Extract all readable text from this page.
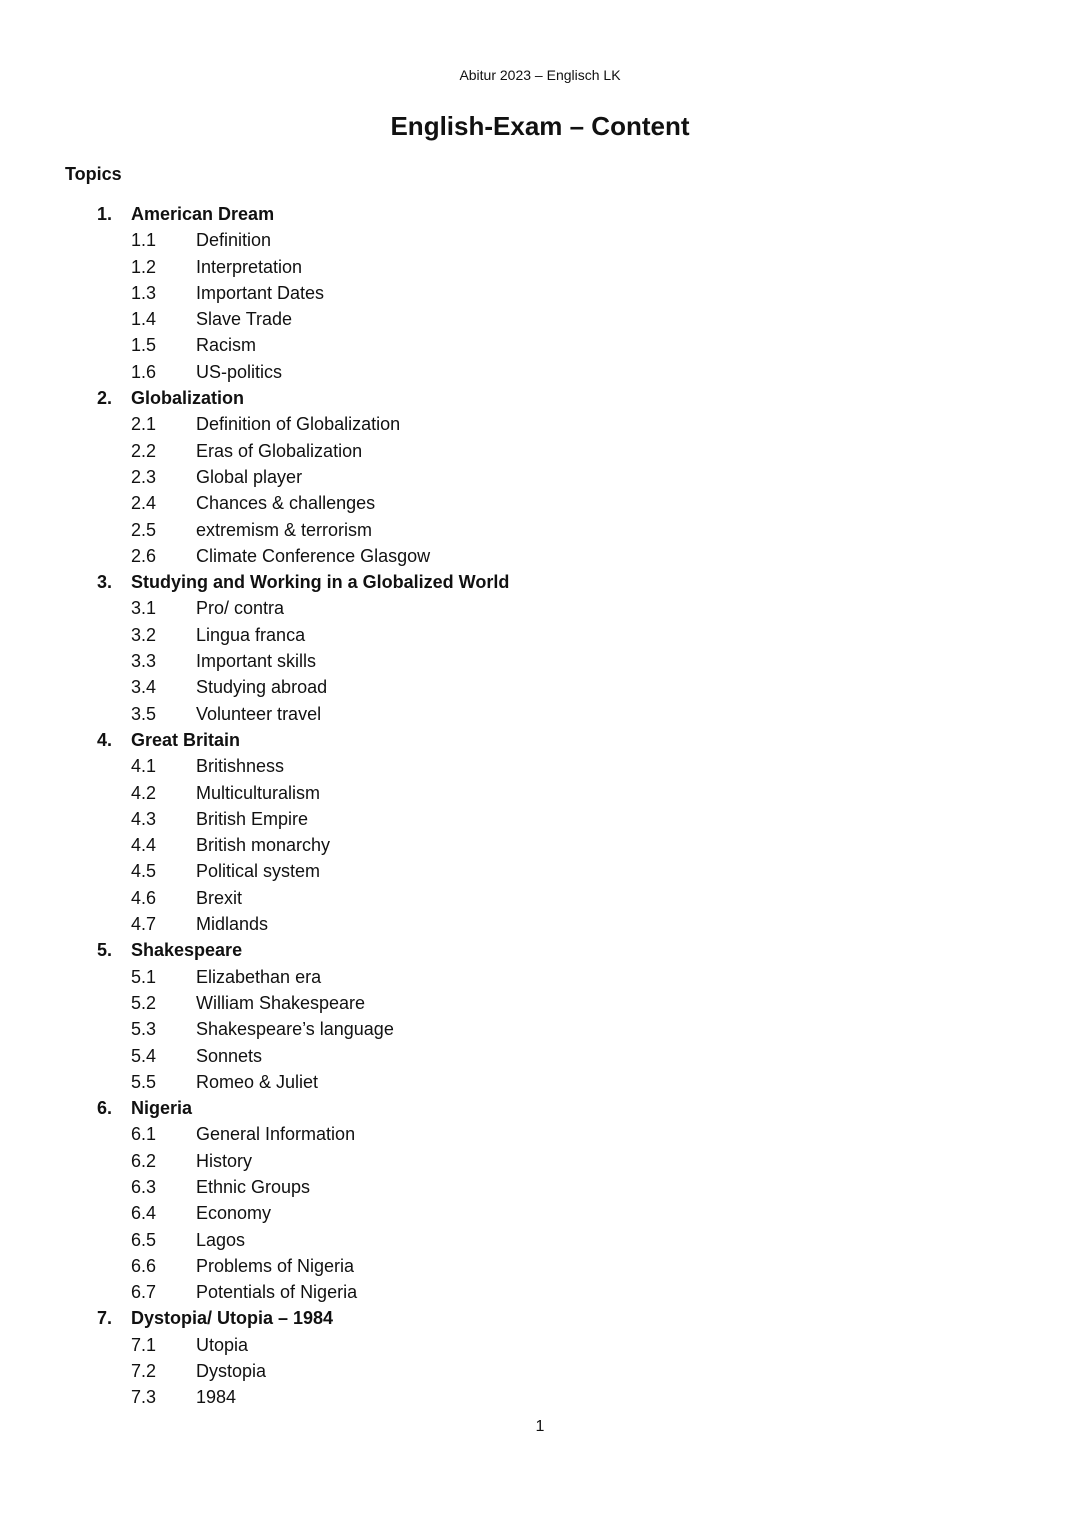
Abitur 2023 – Englisch LK
English-Exam – Content
Topics
1. American Dream
1.1 Definition
1.2 Interpretation
1.3 Important Dates
1.4 Slave Trade
1.5 Racism
1.6 US-politics
2. Globalization
2.1 Definition of Globalization
2.2 Eras of Globalization
2.3 Global player
2.4 Chances & challenges
2.5 extremism & terrorism
2.6 Climate Conference Glasgow
3. Studying and Working in a Globalized World
3.1 Pro/ contra
3.2 Lingua franca
3.3 Important skills
3.4 Studying abroad
3.5 Volunteer travel
4. Great Britain
4.1 Britishness
4.2 Multiculturalism
4.3 British Empire
4.4 British monarchy
4.5 Political system
4.6 Brexit
4.7 Midlands
5. Shakespeare
5.1 Elizabethan era
5.2 William Shakespeare
5.3 Shakespeare’s language
5.4 Sonnets
5.5 Romeo & Juliet
6. Nigeria
6.1 General Information
6.2 History
6.3 Ethnic Groups
6.4 Economy
6.5 Lagos
6.6 Problems of Nigeria
6.7 Potentials of Nigeria
7. Dystopia/ Utopia – 1984
7.1 Utopia
7.2 Dystopia
7.3 1984
1
